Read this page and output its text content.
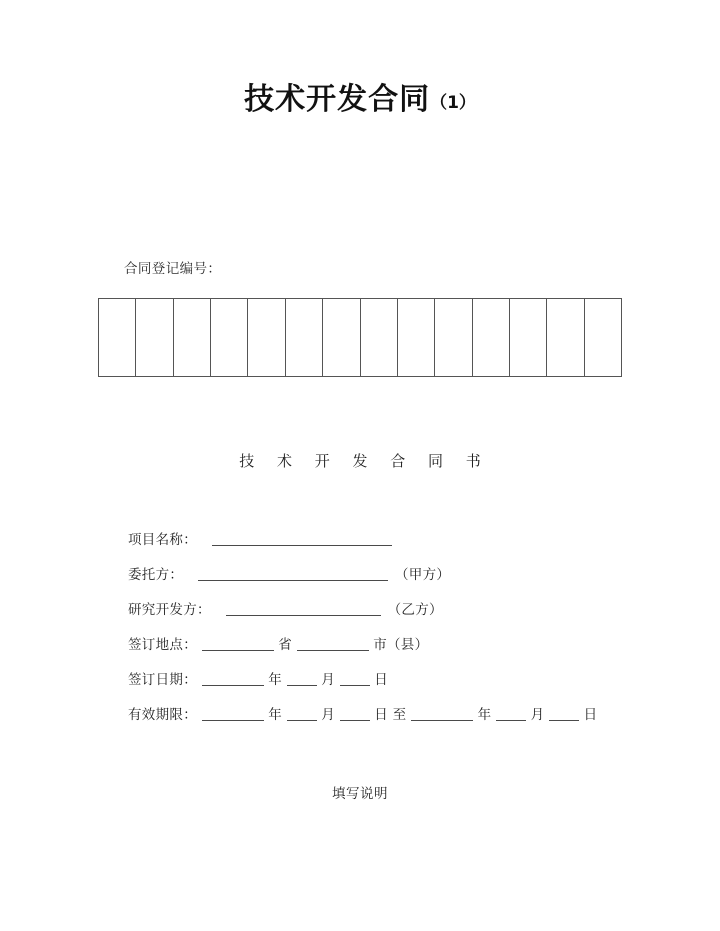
技术开发合同（1）
合同登记编号：
技 术 开 发 合 同 书
项目名称：
委托方：	（甲方）
研究开发方：	（乙方）
签订地点：	省	市（县）
签订日期：	年	月	日
有效期限：	年	月	日 至	年	月	日
填写说明
